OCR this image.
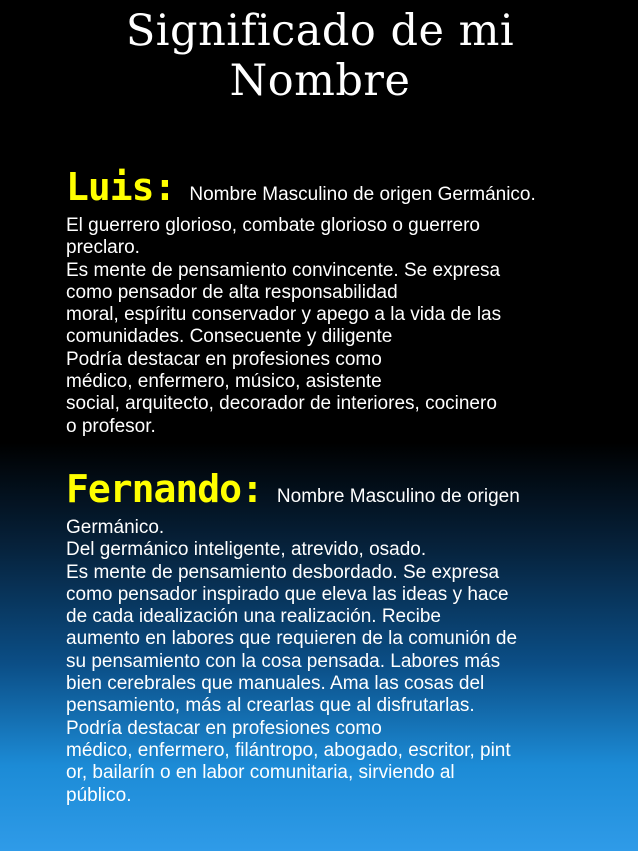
Significado de mi
Nombre
Luis: Nombre Masculino de origen Germánico.
El guerrero glorioso, combate glorioso o guerrero
preclaro.
Es mente de pensamiento convincente. Se expresa
como pensador de alta responsabilidad
moral, espíritu conservador y apego a la vida de las
comunidades. Consecuente y diligente
Podría destacar en profesiones como
médico, enfermero, músico, asistente
social, arquitecto, decorador de interiores, cocinero
o profesor.
Fernando: Nombre Masculino de origen
Germánico.
Del germánico inteligente, atrevido, osado.
Es mente de pensamiento desbordado. Se expresa
como pensador inspirado que eleva las ideas y hace
de cada idealización una realización. Recibe
aumento en labores que requieren de la comunión de
su pensamiento con la cosa pensada. Labores más
bien cerebrales que manuales. Ama las cosas del
pensamiento, más al crearlas que al disfrutarlas.
Podría destacar en profesiones como
médico, enfermero, filántropo, abogado, escritor, pint
or, bailarín o en labor comunitaria, sirviendo al
público.
